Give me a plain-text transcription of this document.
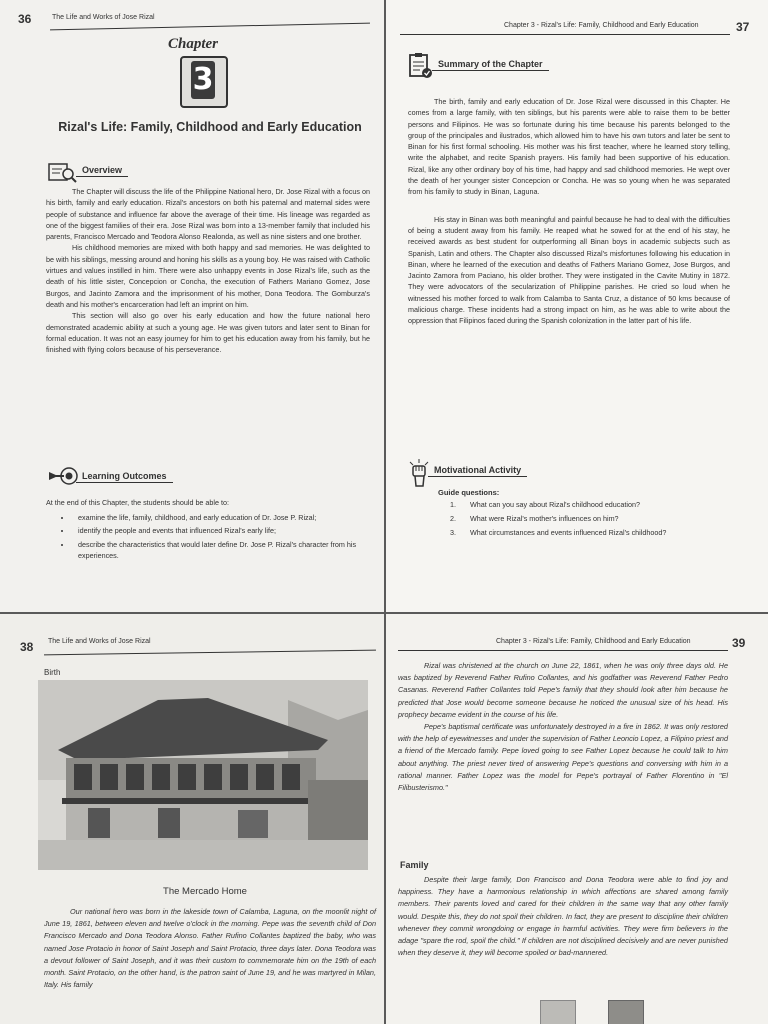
36	The Life and Works of Jose Rizal
Chapter
3
Rizal's Life: Family, Childhood and Early Education
Overview

The Chapter will discuss the life of the Philippine National hero, Dr. Jose Rizal with a focus on his birth, family and early education. Rizal's ancestors on both his paternal and maternal sides were people of substance and influence far above the average of their time. His lineage was regarded as one of the biggest families of their era. Jose Rizal was born into a 13-member family that included his parents, Francisco Mercado and Teodora Alonso Realonda, as well as nine sisters and one brother.

His childhood memories are mixed with both happy and sad memories. He was delighted to be with his siblings, messing around and honing his skills as a young boy. He was raised with Catholic virtues and values instilled in him. There were also unhappy events in Jose Rizal's life, such as the death of his little sister, Concepcion or Concha, the execution of Fathers Mariano Gomez, Jose Burgos, and Jacinto Zamora and the imprisonment of his mother, Dona Teodora. The Gomburza's death and his mother's encarceration had left an imprint on him.

This section will also go over his early education and how the future national hero demonstrated academic ability at such a young age. He was given tutors and later sent to Binan for formal education. It was not an easy journey for him to get his education away from his family, but he finished with flying colors because of his perseverance.

Learning Outcomes

At the end of this Chapter, the students should be able to:

• examine the life, family, childhood, and early education of Dr. Jose P. Rizal;
• identify the people and events that influenced Rizal's early life;
• describe the characteristics that would later define Dr. Jose P. Rizal's character from his experiences.
Chapter 3 - Rizal's Life: Family, Childhood and Early Education	37
Summary of the Chapter

The birth, family and early education of Dr. Jose Rizal were discussed in this Chapter. He comes from a large family, with ten siblings, but his parents were able to raise them to be better persons and Filipinos. He was so fortunate during his time because his parents belonged to the group of the principales and ilustrados, which allowed him to have his own tutors and later be sent to Binan for his first formal schooling. His mother was his first teacher, where he learned story telling, write the alphabet, and recite Spanish prayers. His family had been supportive of his education. Rizal, like any other ordinary boy of his time, had happy and sad childhood memories. He wept over the death of her younger sister Concepcion or Concha. He was so young when he was separated from his family to study in Binan, Laguna.

His stay in Binan was both meaningful and painful because he had to deal with the difficulties of being a student away from his family. He reaped what he sowed for at the end of his stay, he received awards as best student for outperforming all Binan boys in academic subjects such as Spanish, Latin and others. The Chapter also discussed Rizal's misfortunes following his education in Binan, where he learned of the execution and deaths of Fathers Mariano Gomez, Jose Burgos, and Jacinto Zamora from Paciano, his older brother. They were instigated in the Cavite Mutiny in 1872. They were advocators of the secularization of Philippine parishes. He cried so loud when he witnessed his mother forced to walk from Calamba to Santa Cruz, a distance of 50 kms because of malicious charge. These incidents had a strong impact on him, as he was able to write about the oppression that Filipinos faced during the Spanish colonization in the latter part of his life.

Motivational Activity
Guide questions:
1. What can you say about Rizal's childhood education?
2. What were Rizal's mother's influences on him?
3. What circumstances and events influenced Rizal's childhood?
38 The Life and Works of Jose Rizal
Birth
The Mercado Home

Our national hero was born in the lakeside town of Calamba, Laguna, on the moonlit night of June 19, 1861, between eleven and twelve o'clock in the morning. Pepe was the seventh child of Don Francisco Mercado and Dona Teodora Alonso. Father Rufino Collantes baptized the baby, who was named Jose Protacio in honor of Saint Joseph and Saint Protacio, three days later. Dona Teodora was a devout follower of Saint Joseph, and it was their custom to commemorate him on the 19th of each month. Saint Protacio, on the other hand, is the patron saint of June 19, and he was martyred in Milan, Italy. His family

Chapter 3 - Rizal's Life: Family, Childhood and Early Education	39

Rizal was christened at the church on June 22, 1861, when he was only three days old. He was baptized by Reverend Father Rufino Collantes, and his godfather was Reverend Father Pedro Casanas. Reverend Father Collantes told Pepe's family that they should look after him because he predicted that Jose would become someone because he noticed the unusual size of his head. His prophecy became evident in the course of his life.

Pepe's baptismal certificate was unfortunately destroyed in a fire in 1862. It was only restored with the help of eyewitnesses and under the supervision of Father Leoncio Lopez, a Filipino priest and a friend of the Mercado family. Pepe loved going to see Father Lopez because he could talk to him about anything. The priest never tired of answering Pepe's questions and conversing with him in a rational manner. Father Lopez was the model for Pepe's portrayal of Father Florentino in "El Filibusterismo."

Family

Despite their large family, Don Francisco and Dona Teodora were able to find joy and happiness. They have a harmonious relationship in which affections are shared among family members. Their parents loved and cared for their children in the same way that any other family would. Despite this, they do not spoil their children. In fact, they are present to discipline their children whenever they commit wrongdoing or engage in harmful activities. They were firm believers in the adage "spare the rod, spoil the child." If children are not disciplined decisively and are never punished when they deserve it, they will become spoiled or bad-mannered.
